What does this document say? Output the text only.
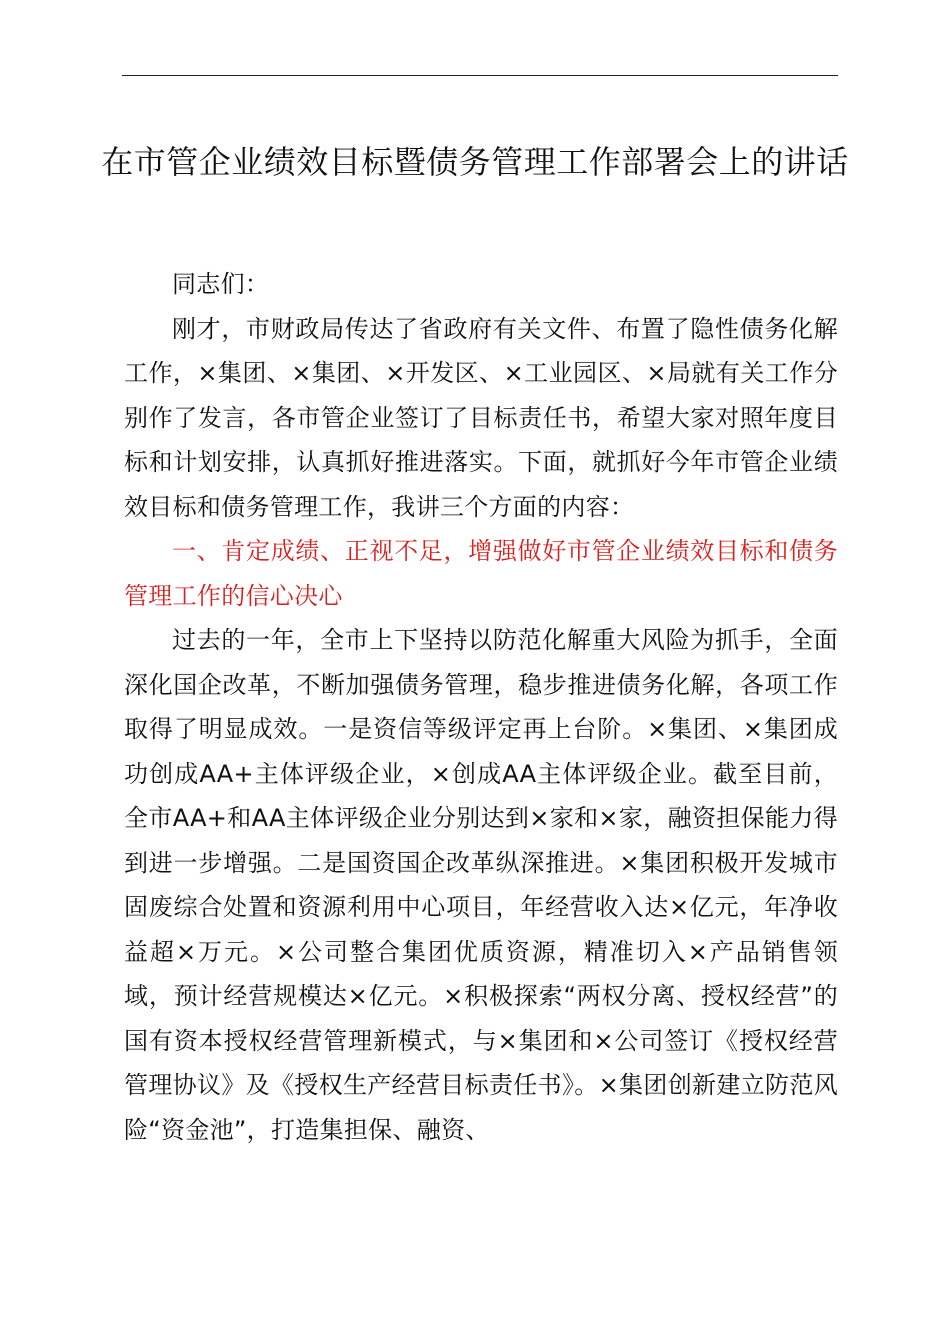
在市管企业绩效目标暨债务管理工作部署会上的讲话

同志们：

刚才，市财政局传达了省政府有关文件、布置了隐性债务化解工作，×集团、×集团、×开发区、×工业园区、×局就有关工作分别作了发言，各市管企业签订了目标责任书，希望大家对照年度目标和计划安排，认真抓好推进落实。下面，就抓好今年市管企业绩效目标和债务管理工作，我讲三个方面的内容：

一、肯定成绩、正视不足，增强做好市管企业绩效目标和债务管理工作的信心决心

过去的一年，全市上下坚持以防范化解重大风险为抓手，全面深化国企改革，不断加强债务管理，稳步推进债务化解，各项工作取得了明显成效。一是资信等级评定再上台阶。×集团、×集团成功创成AA+主体评级企业，×创成AA主体评级企业。截至目前，全市AA+和AA主体评级企业分别达到×家和×家，融资担保能力得到进一步增强。二是国资国企改革纵深推进。×集团积极开发城市固废综合处置和资源利用中心项目，年经营收入达×亿元，年净收益超×万元。×公司整合集团优质资源，精准切入×产品销售领域，预计经营规模达×亿元。×积极探索“两权分离、授权经营”的国有资本授权经营管理新模式，与×集团和×公司签订《授权经营管理协议》及《授权生产经营目标责任书》。×集团创新建立防范风险“资金池”，打造集担保、融资、
